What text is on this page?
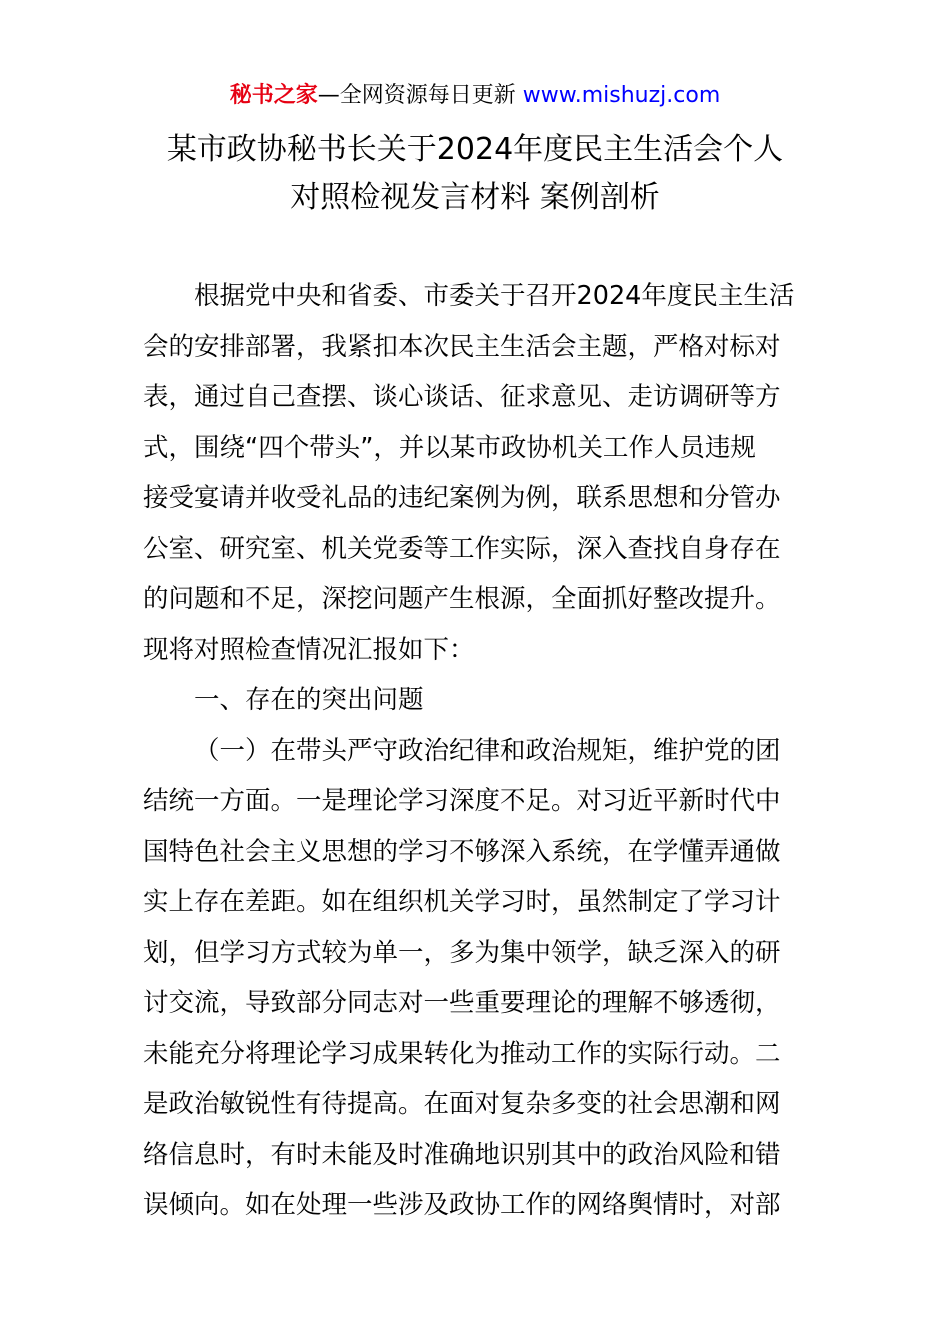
秘书之家—全网资源每日更新 www.mishuzj.com
某市政协秘书长关于2024年度民主生活会个人
对照检视发言材料 案例剖析
根据党中央和省委、市委关于召开2024年度民主生活
会的安排部署，我紧扣本次民主生活会主题，严格对标对
表，通过自己查摆、谈心谈话、征求意见、走访调研等方
式，围绕“四个带头”，并以某市政协机关工作人员违规
接受宴请并收受礼品的违纪案例为例，联系思想和分管办
公室、研究室、机关党委等工作实际，深入查找自身存在
的问题和不足，深挖问题产生根源，全面抓好整改提升。
现将对照检查情况汇报如下：
一、存在的突出问题
（一）在带头严守政治纪律和政治规矩，维护党的团
结统一方面。一是理论学习深度不足。对习近平新时代中
国特色社会主义思想的学习不够深入系统，在学懂弄通做
实上存在差距。如在组织机关学习时，虽然制定了学习计
划，但学习方式较为单一，多为集中领学，缺乏深入的研
讨交流，导致部分同志对一些重要理论的理解不够透彻，
未能充分将理论学习成果转化为推动工作的实际行动。二
是政治敏锐性有待提高。在面对复杂多变的社会思潮和网
络信息时，有时未能及时准确地识别其中的政治风险和错
误倾向。如在处理一些涉及政协工作的网络舆情时，对部
